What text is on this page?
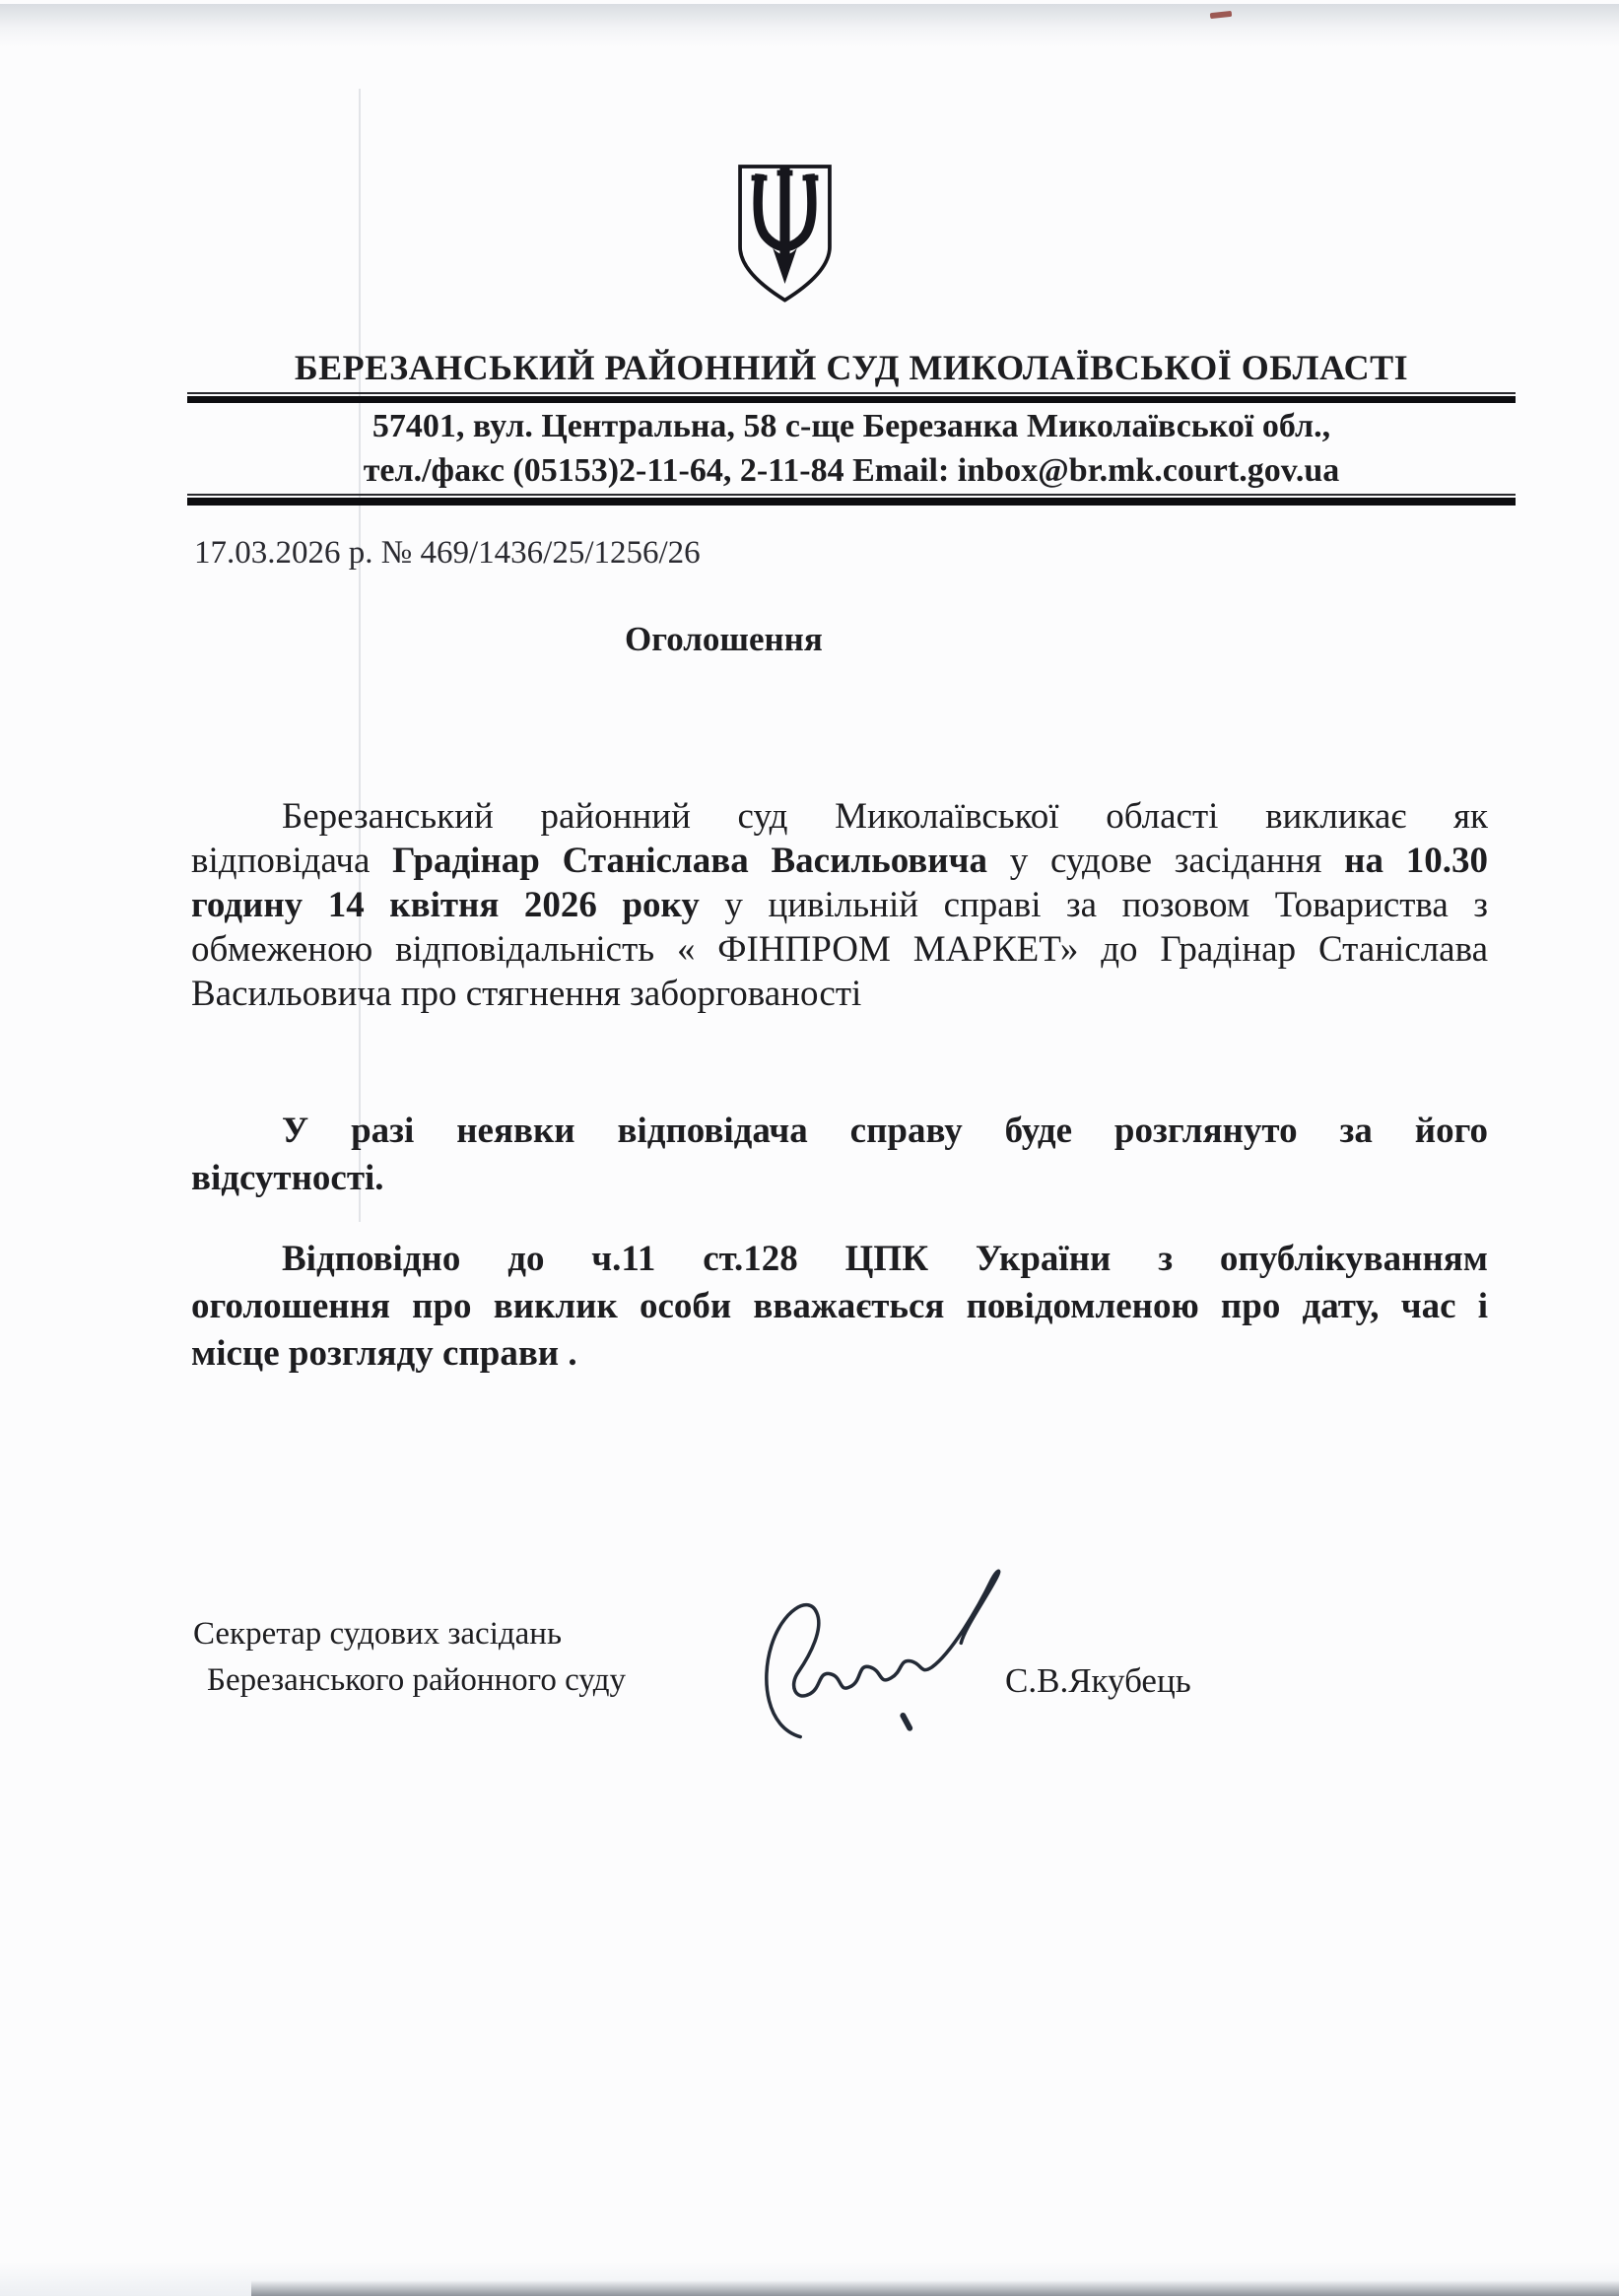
БЕРЕЗАНСЬКИЙ РАЙОННИЙ СУД МИКОЛАЇВСЬКОЇ ОБЛАСТІ
57401, вул. Центральна, 58 с-ще Березанка Миколаївської обл.,
тел./факс (05153)2-11-64, 2-11-84 Email: inbox@br.mk.court.gov.ua
17.03.2026 р. № 469/1436/25/1256/26
Оголошення
Березанський районний суд Миколаївської області викликає як
відповідача Градінар Станіслава Васильовича у судове засідання на 10.30
годину 14 квітня 2026 року у цивільній справі за позовом Товариства з
обмеженою відповідальність « ФІНПРОМ МАРКЕТ» до Градінар Станіслава
Васильовича про стягнення заборгованості
У разі неявки відповідача справу буде розглянуто за його
відсутності.
Відповідно до ч.11 ст.128 ЦПК України з опублікуванням
оголошення про виклик особи вважається повідомленою про дату, час і
місце розгляду справи .
Секретар судових засідань
Березанського районного суду	С.В.Якубець
